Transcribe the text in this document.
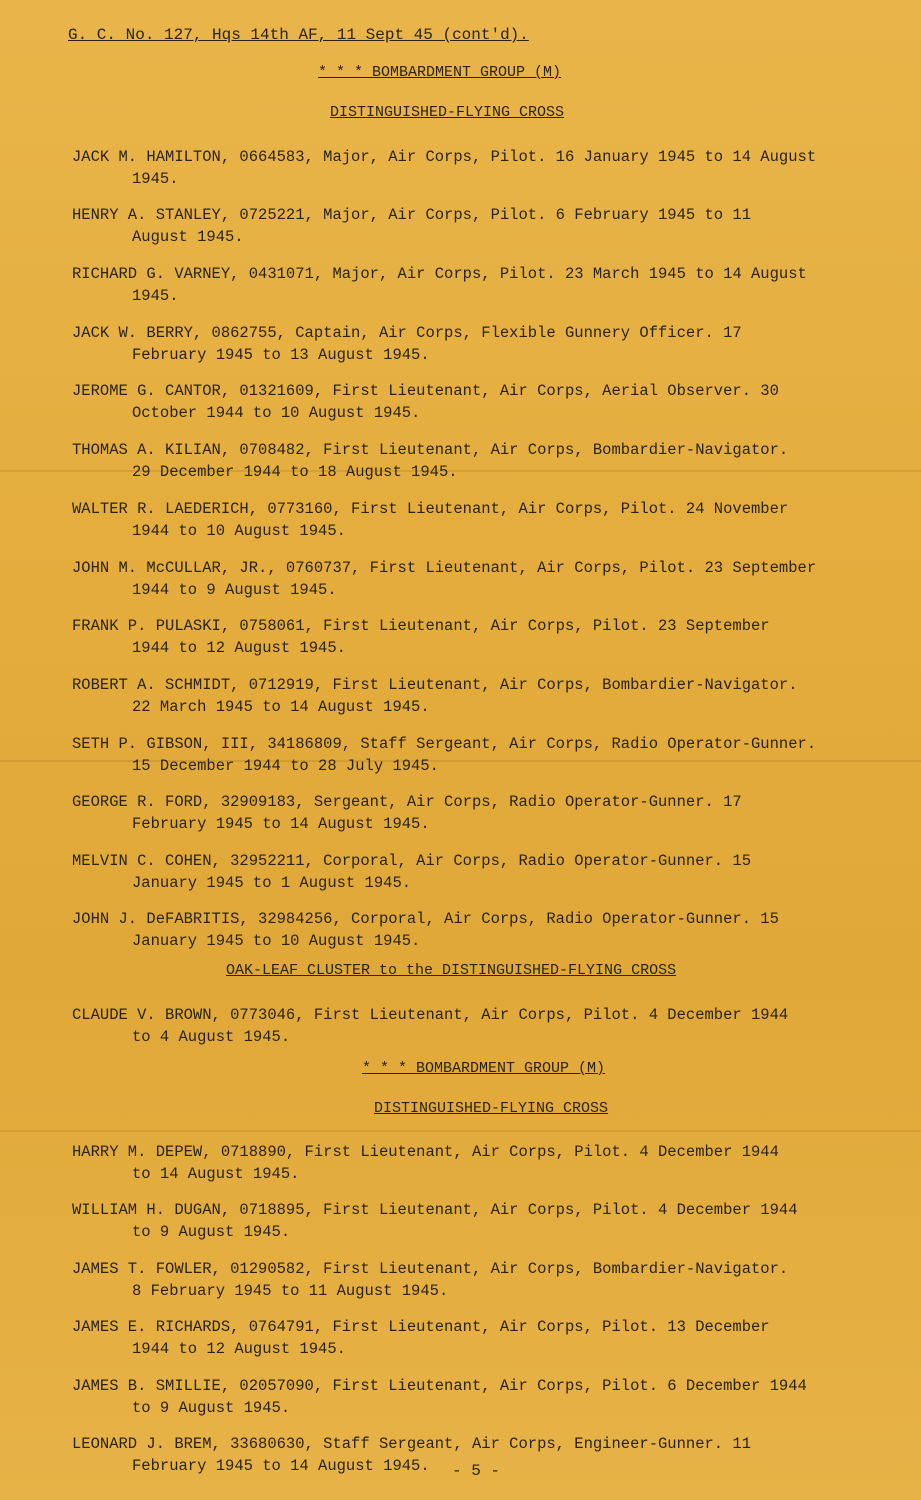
G. C. No. 127, Hqs 14th AF, 11 Sept 45 (cont'd).
* * * BOMBARDMENT GROUP (M)
DISTINGUISHED-FLYING CROSS
JACK M. HAMILTON, 0664583, Major, Air Corps, Pilot. 16 January 1945 to 14 August
1945.
HENRY A. STANLEY, 0725221, Major, Air Corps, Pilot. 6 February 1945 to 11
August 1945.
RICHARD G. VARNEY, 0431071, Major, Air Corps, Pilot. 23 March 1945 to 14 August
1945.
JACK W. BERRY, 0862755, Captain, Air Corps, Flexible Gunnery Officer. 17
February 1945 to 13 August 1945.
JEROME G. CANTOR, 01321609, First Lieutenant, Air Corps, Aerial Observer. 30
October 1944 to 10 August 1945.
THOMAS A. KILIAN, 0708482, First Lieutenant, Air Corps, Bombardier-Navigator.
29 December 1944 to 18 August 1945.
WALTER R. LAEDERICH, 0773160, First Lieutenant, Air Corps, Pilot. 24 November
1944 to 10 August 1945.
JOHN M. McCULLAR, JR., 0760737, First Lieutenant, Air Corps, Pilot. 23 September
1944 to 9 August 1945.
FRANK P. PULASKI, 0758061, First Lieutenant, Air Corps, Pilot. 23 September
1944 to 12 August 1945.
ROBERT A. SCHMIDT, 0712919, First Lieutenant, Air Corps, Bombardier-Navigator.
22 March 1945 to 14 August 1945.
SETH P. GIBSON, III, 34186809, Staff Sergeant, Air Corps, Radio Operator-Gunner.
15 December 1944 to 28 July 1945.
GEORGE R. FORD, 32909183, Sergeant, Air Corps, Radio Operator-Gunner. 17
February 1945 to 14 August 1945.
MELVIN C. COHEN, 32952211, Corporal, Air Corps, Radio Operator-Gunner. 15
January 1945 to 1 August 1945.
JOHN J. DeFABRITIS, 32984256, Corporal, Air Corps, Radio Operator-Gunner. 15
January 1945 to 10 August 1945.
OAK-LEAF CLUSTER to the DISTINGUISHED-FLYING CROSS
CLAUDE V. BROWN, 0773046, First Lieutenant, Air Corps, Pilot. 4 December 1944
to 4 August 1945.
* * * BOMBARDMENT GROUP (M)
DISTINGUISHED-FLYING CROSS
HARRY M. DEPEW, 0718890, First Lieutenant, Air Corps, Pilot. 4 December 1944
to 14 August 1945.
WILLIAM H. DUGAN, 0718895, First Lieutenant, Air Corps, Pilot. 4 December 1944
to 9 August 1945.
JAMES T. FOWLER, 01290582, First Lieutenant, Air Corps, Bombardier-Navigator.
8 February 1945 to 11 August 1945.
JAMES E. RICHARDS, 0764791, First Lieutenant, Air Corps, Pilot. 13 December
1944 to 12 August 1945.
JAMES B. SMILLIE, 02057090, First Lieutenant, Air Corps, Pilot. 6 December 1944
to 9 August 1945.
LEONARD J. BREM, 33680630, Staff Sergeant, Air Corps, Engineer-Gunner. 11
February 1945 to 14 August 1945.	- 5 -
